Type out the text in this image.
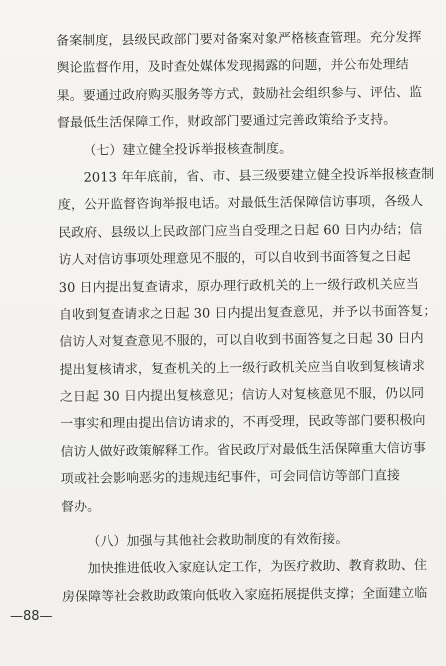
备案制度，县级民政部门要对备案对象严格核查管理。充分发挥
舆论监督作用，及时查处媒体发现揭露的问题，并公布处理结
果。要通过政府购买服务等方式，鼓励社会组织参与、评估、监
督最低生活保障工作，财政部门要通过完善政策给予支持。
（七）建立健全投诉举报核查制度。
2013 年年底前，省、市、县三级要建立健全投诉举报核查制
度，公开监督咨询举报电话。对最低生活保障信访事项，各级人
民政府、县级以上民政部门应当自受理之日起 60 日内办结；信
访人对信访事项处理意见不服的，可以自收到书面答复之日起
30 日内提出复查请求，原办理行政机关的上一级行政机关应当
自收到复查请求之日起 30 日内提出复查意见，并予以书面答复；
信访人对复查意见不服的，可以自收到书面答复之日起 30 日内
提出复核请求，复查机关的上一级行政机关应当自收到复核请求
之日起 30 日内提出复核意见；信访人对复核意见不服，仍以同
一事实和理由提出信访请求的，不再受理，民政等部门要积极向
信访人做好政策解释工作。省民政厅对最低生活保障重大信访事
项或社会影响恶劣的违规违纪事件，可会同信访等部门直接
督办。
（八）加强与其他社会救助制度的有效衔接。
加快推进低收入家庭认定工作，为医疗救助、教育救助、住
房保障等社会救助政策向低收入家庭拓展提供支撑；全面建立临
—88—
